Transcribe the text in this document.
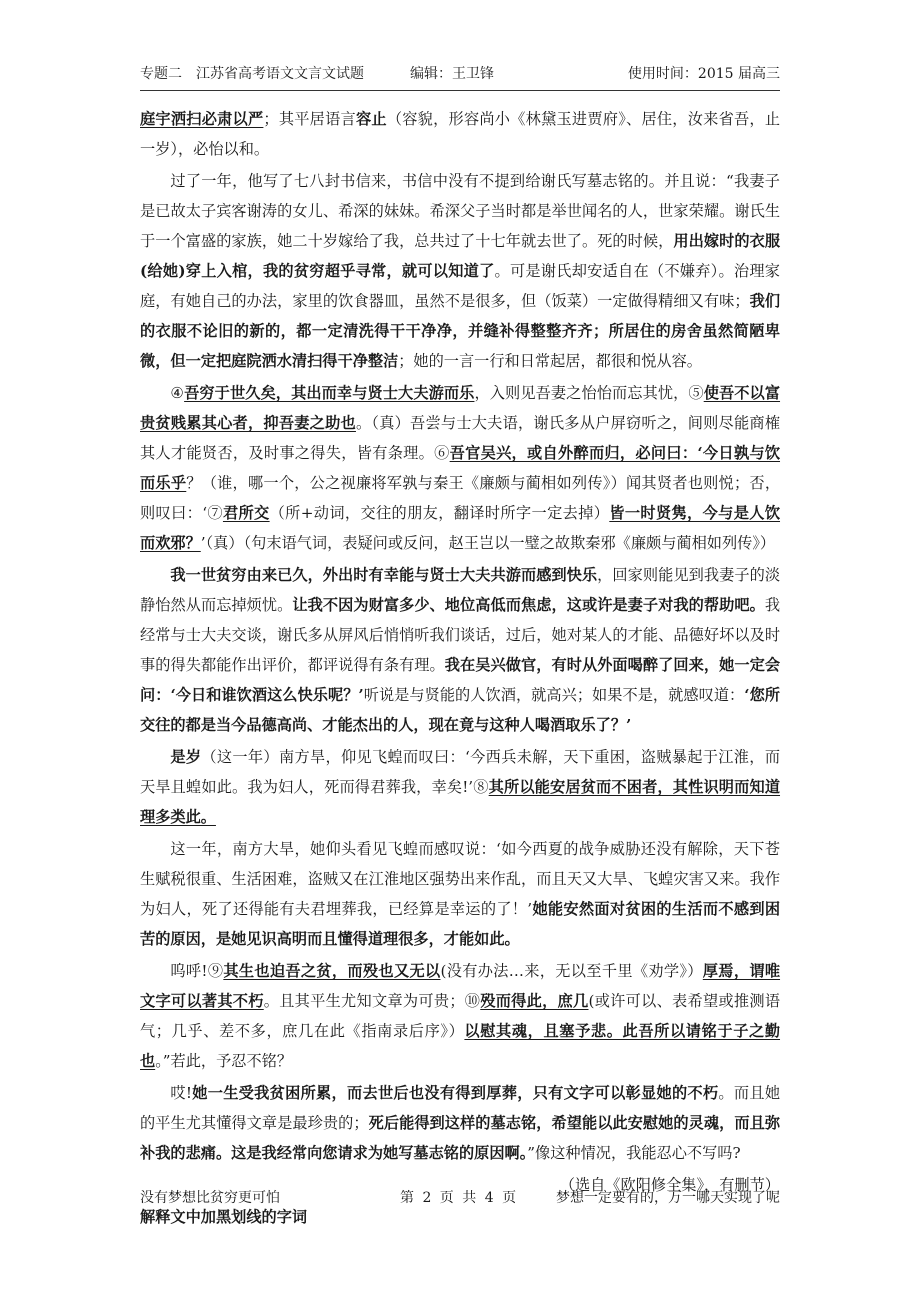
专题二　江苏省高考语文文言文试题	编辑：王卫锋	使用时间：2015 届高三

庭宇洒扫必肃以严；其平居语言容止（容貌，形容尚小《林黛玉进贾府》、居住，汝来省吾，止一岁），必怡以和。

过了一年，他写了七八封书信来，书信中没有不提到给谢氏写墓志铭的。并且说：“我妻子是已故太子宾客谢涛的女儿、希深的妹妹。希深父子当时都是举世闻名的人，世家荣耀。谢氏生于一个富盛的家族，她二十岁嫁给了我，总共过了十七年就去世了。死的时候，用出嫁时的衣服(给她)穿上入棺，我的贫穷超乎寻常，就可以知道了。可是谢氏却安适自在（不嫌弃）。治理家庭，有她自己的办法，家里的饮食器皿，虽然不是很多，但（饭菜）一定做得精细又有味；我们的衣服不论旧的新的，都一定清洗得干干净净，并缝补得整整齐齐；所居住的房舍虽然简陋卑微，但一定把庭院洒水清扫得干净整洁；她的一言一行和日常起居，都很和悦从容。

④吾穷于世久矣，其出而幸与贤士大夫游而乐，入则见吾妻之怡怡而忘其忧，⑤使吾不以富贵贫贱累其心者，抑吾妻之助也。（真）吾尝与士大夫语，谢氏多从户屏窃听之，间则尽能商榷其人才能贤否，及时事之得失，皆有条理。⑥吾官吴兴，或自外醉而归，必问曰：‘今日孰与饮而乐乎？（谁，哪一个，公之视廉将军孰与秦王《廉颇与蔺相如列传》）闻其贤者也则悦；否，则叹曰：‘⑦君所交（所+动词，交往的朋友，翻译时所字一定去掉）皆一时贤隽，今与是人饮而欢邪？’（真）（句末语气词，表疑问或反问，赵王岂以一璧之故欺秦邪《廉颇与蔺相如列传》）

我一世贫穷由来已久，外出时有幸能与贤士大夫共游而感到快乐，回家则能见到我妻子的淡静怡然从而忘掉烦忧。让我不因为财富多少、地位高低而焦虑，这或许是妻子对我的帮助吧。我经常与士大夫交谈，谢氏多从屏风后悄悄听我们谈话，过后，她对某人的才能、品德好坏以及时事的得失都能作出评价，都评说得有条有理。我在吴兴做官，有时从外面喝醉了回来，她一定会问：‘今日和谁饮酒这么快乐呢？’听说是与贤能的人饮酒，就高兴；如果不是，就感叹道：‘您所交往的都是当今品德高尚、才能杰出的人，现在竟与这种人喝酒取乐了？’

是岁（这一年）南方旱，仰见飞蝗而叹曰：‘今西兵未解，天下重困，盗贼暴起于江淮，而天旱且蝗如此。我为妇人，死而得君葬我，幸矣!’⑧其所以能安居贫而不困者，其性识明而知道理多类此。

这一年，南方大旱，她仰头看见飞蝗而感叹说：‘如今西夏的战争威胁还没有解除，天下苍生赋税很重、生活困难，盗贼又在江淮地区强势出来作乱，而且天又大旱、飞蝗灾害又来。我作为妇人，死了还得能有夫君埋葬我，已经算是幸运的了！’她能安然面对贫困的生活而不感到困苦的原因，是她见识高明而且懂得道理很多，才能如此。

呜呼!⑨其生也迫吾之贫，而殁也又无以(没有办法…来，无以至千里《劝学》）厚焉，谓唯文字可以著其不朽。且其平生尤知文章为可贵；⑩殁而得此，庶几(或许可以、表希望或推测语气；几乎、差不多，庶几在此《指南录后序》）以慰其魂，且塞予悲。此吾所以请铭于子之勤也。”若此，予忍不铭？

哎!她一生受我贫困所累，而去世后也没有得到厚葬，只有文字可以彰显她的不朽。而且她的平生尤其懂得文章是最珍贵的；死后能得到这样的墓志铭，希望能以此安慰她的灵魂，而且弥补我的悲痛。这是我经常向您请求为她写墓志铭的原因啊。”像这种情况，我能忍心不写吗?

（选自《欧阳修全集》，有删节）

解释文中加黑划线的字词

没有梦想比贫穷更可怕	第 2 页 共 4 页	梦想一定要有的，万一哪天实现了呢
